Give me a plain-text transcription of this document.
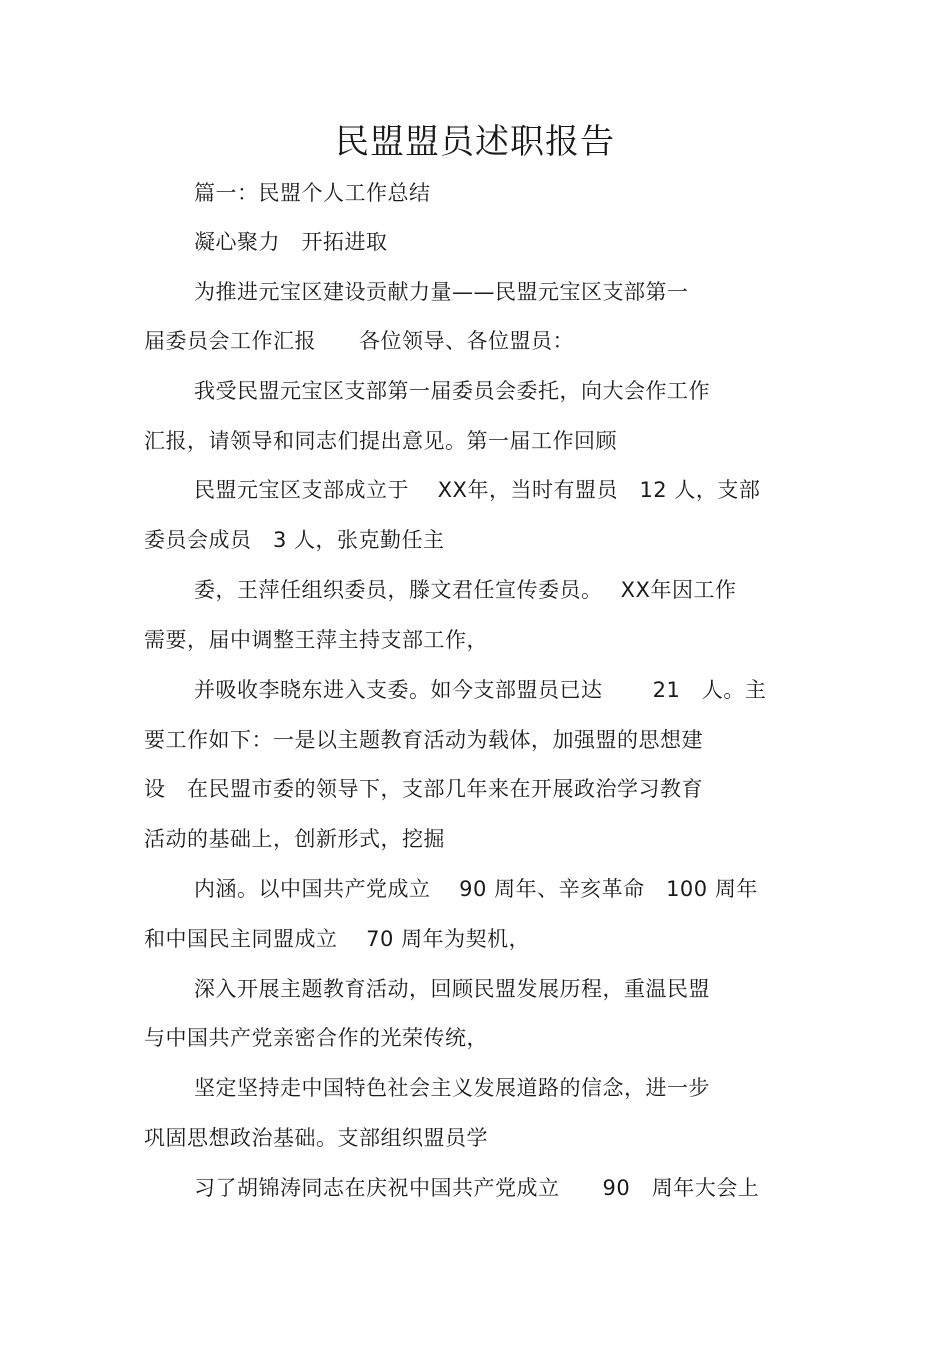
民盟盟员述职报告
篇一：民盟个人工作总结
凝心聚力　开拓进取
为推进元宝区建设贡献力量——民盟元宝区支部第一
届委员会工作汇报　　各位领导、各位盟员：
我受民盟元宝区支部第一届委员会委托，向大会作工作
汇报，请领导和同志们提出意见。第一届工作回顾
民盟元宝区支部成立于　 XX年，当时有盟员　12 人，支部
委员会成员　3 人，张克勤任主
委，王萍任组织委员，滕文君任宣传委员。　 XX年因工作
需要，届中调整王萍主持支部工作，
并吸收李晓东进入支委。如今支部盟员已达　　 21　人。主
要工作如下：一是以主题教育活动为载体，加强盟的思想建
设　在民盟市委的领导下，支部几年来在开展政治学习教育
活动的基础上，创新形式，挖掘
内涵。以中国共产党成立　 90 周年、辛亥革命　100 周年
和中国民主同盟成立　 70 周年为契机，
深入开展主题教育活动，回顾民盟发展历程，重温民盟
与中国共产党亲密合作的光荣传统，
坚定坚持走中国特色社会主义发展道路的信念，进一步
巩固思想政治基础。支部组织盟员学
习了胡锦涛同志在庆祝中国共产党成立　　90　周年大会上
